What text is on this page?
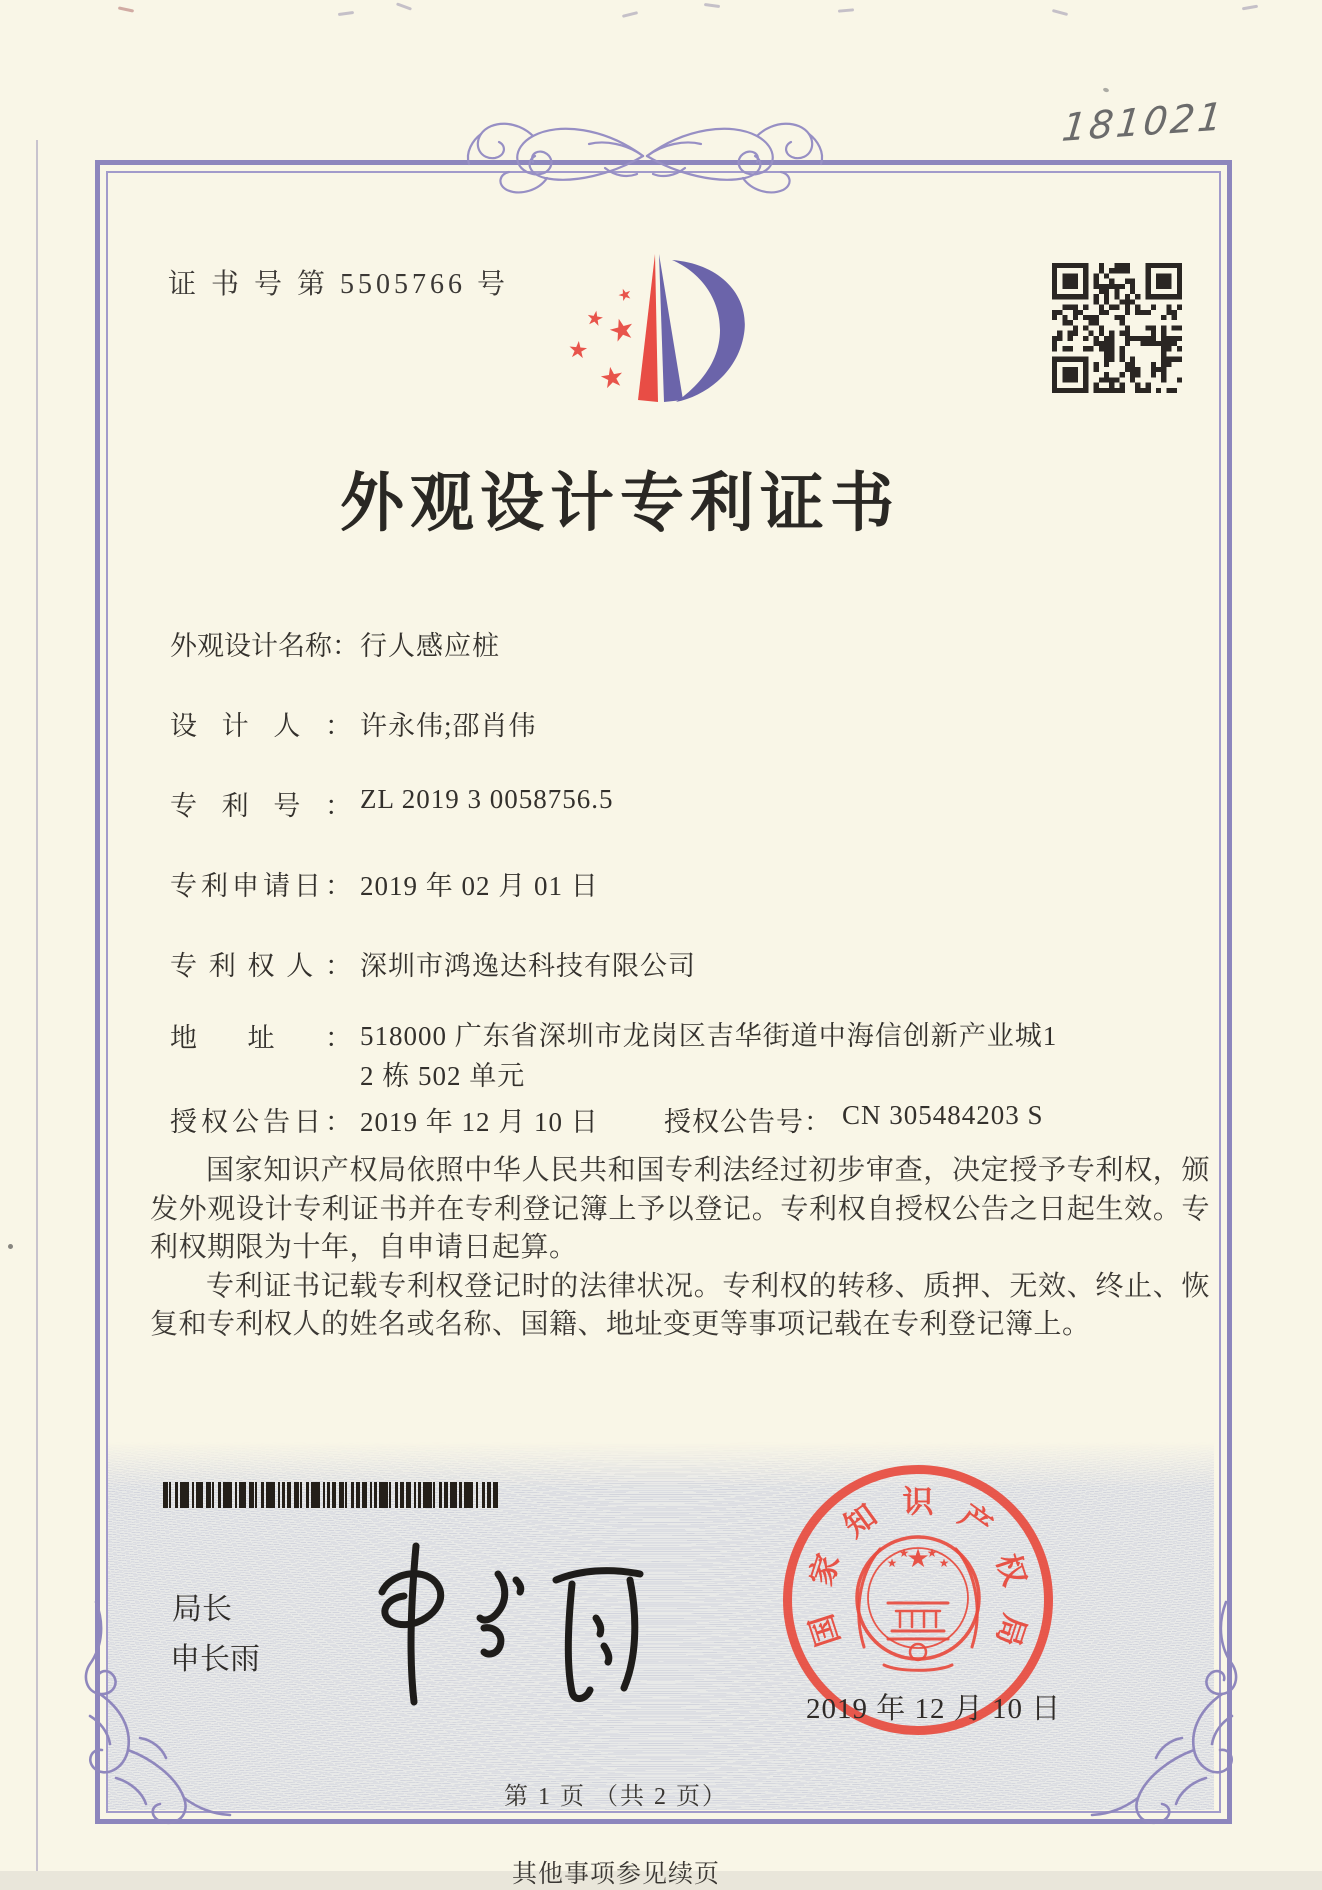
181021
证 书 号 第 5505766 号	★
★
★
★
★
外观设计专利证书
外观设计名称：行人感应桩
设计人： 许永伟;邵肖伟
专利号： ZL 2019 3 0058756.5
专利申请日： 2019 年 02 月 01 日
专利权人： 深圳市鸿逸达科技有限公司
地址： 518000 广东省深圳市龙岗区吉华街道中海信创新产业城1
2 栋 502 单元
授权公告日： 2019 年 12 月 10 日 授权公告号： CN 305484203 S

国家知识产权局依照中华人民共和国专利法经过初步审查，决定授予专利权，颁发外观设计专利证书并在专利登记簿上予以登记。专利权自授权公告之日起生效。专利权期限为十年，自申请日起算。

专利证书记载专利权登记时的法律状况。专利权的转移、质押、无效、终止、恢复和专利权人的姓名或名称、国籍、地址变更等事项记载在专利登记簿上。

局长
申长雨
国
家
知 识 产
权
局
★
★
★ ★
★
2019 年 12 月 10 日
第 1 页 （共 2 页）
其他事项参见续页
